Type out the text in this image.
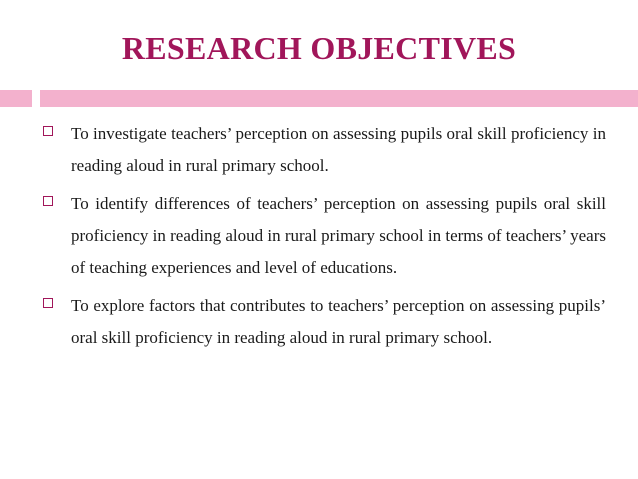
RESEARCH OBJECTIVES
To investigate teachers’ perception on assessing pupils oral skill proficiency in reading aloud in rural primary school.
To identify differences of teachers’ perception on assessing pupils oral skill proficiency in reading aloud in rural primary school in terms of teachers’ years of teaching experiences and level of educations.
To explore factors that contributes to teachers’ perception on assessing pupils’ oral skill proficiency in reading aloud in rural primary school.
